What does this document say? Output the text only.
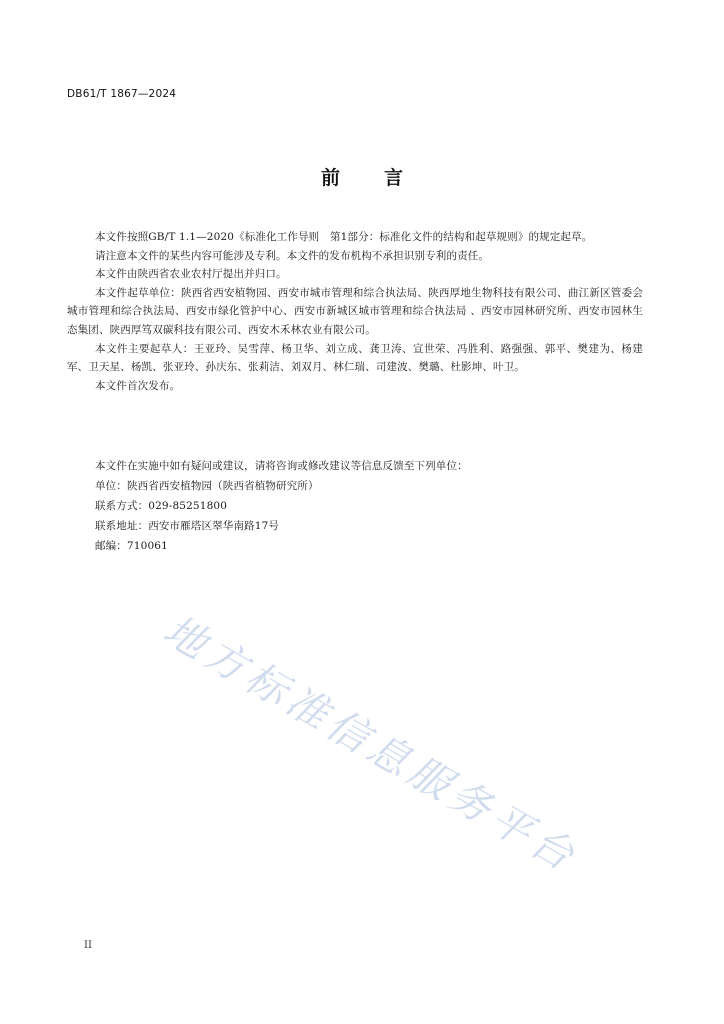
DB61/T 1867—2024
前 言

本文件按照GB/T 1.1—2020《标准化工作导则　第1部分：标准化文件的结构和起草规则》的规定起草。

请注意本文件的某些内容可能涉及专利。本文件的发布机构不承担识别专利的责任。

本文件由陕西省农业农村厅提出并归口。

本文件起草单位：陕西省西安植物园、西安市城市管理和综合执法局、陕西厚地生物科技有限公司、曲江新区管委会城市管理和综合执法局、西安市绿化管护中心、西安市新城区城市管理和综合执法局 、西安市园林研究所、西安市园林生态集团、陕西厚笃双碳科技有限公司、西安木禾林农业有限公司。

本文件主要起草人：王亚玲、吴雪萍、杨卫华、刘立成、龚卫涛、宣世荣、冯胜利、路强强、郭平、樊建为、杨建军、卫天星、杨凯、张亚玲、孙庆东、张莉洁、刘双月、林仁瑞、司建波、樊璐、杜影坤、叶卫。

本文件首次发布。

本文件在实施中如有疑问或建议，请将咨询或修改建议等信息反馈至下列单位：

单位：陕西省西安植物园（陕西省植物研究所）

联系方式：029-85251800

联系地址：西安市雁塔区翠华南路17号

邮编：710061

地方标准信息服务平台
II
